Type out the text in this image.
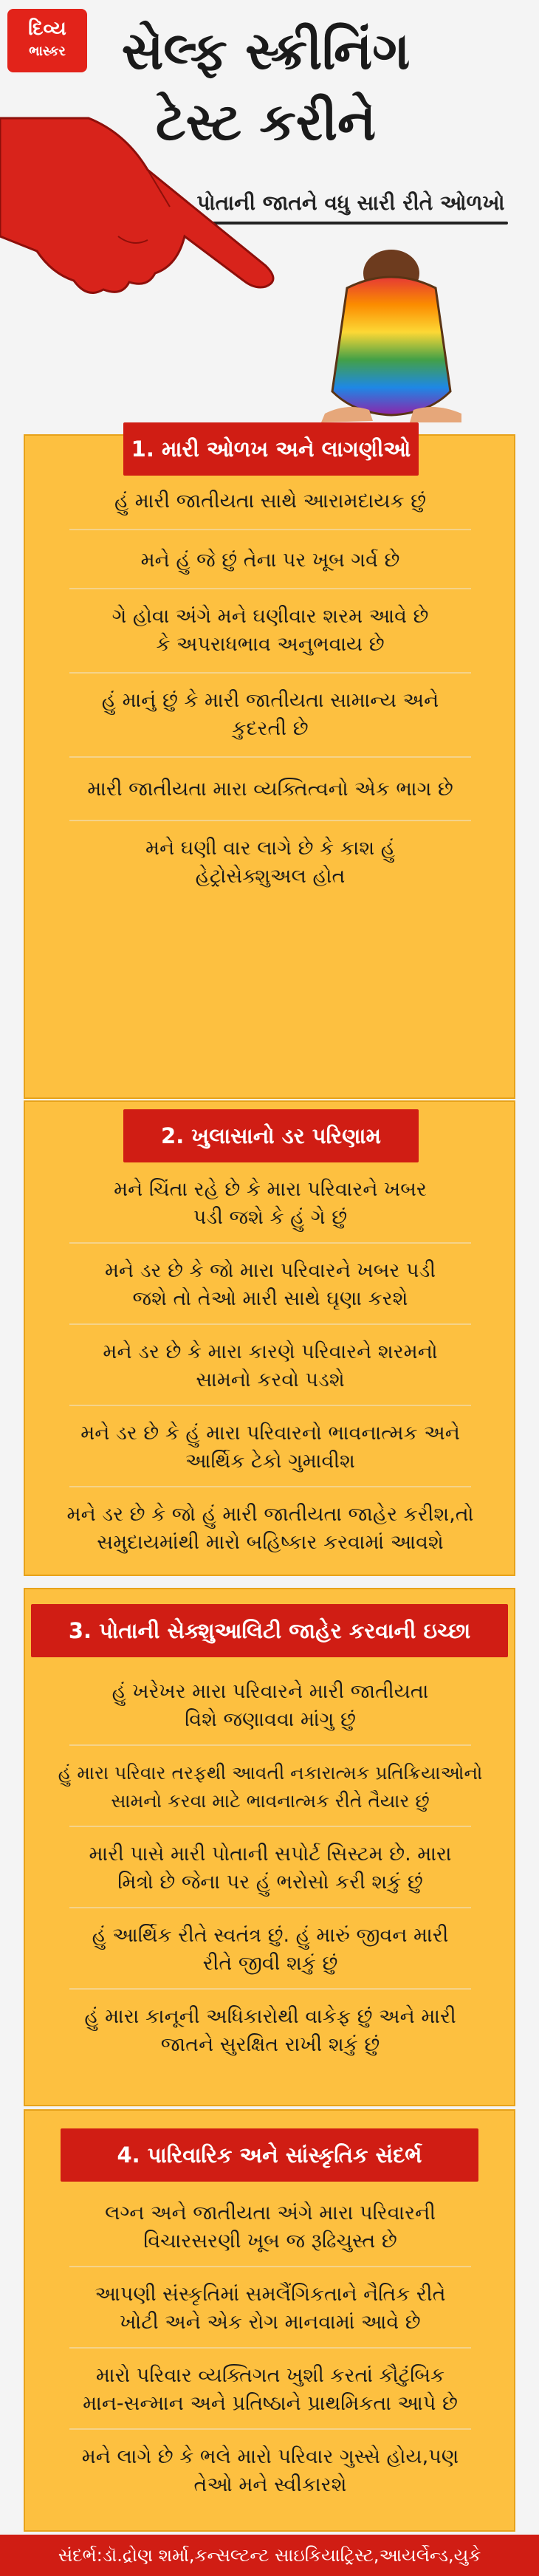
દિવ્ય
ભાસ્કર	સેલ્ફ સ્ક્રીનિંગ
ટેસ્ટ કરીને
પોતાની જાતને વધુ સારી રીતે ઓળખો
1. મારી ઓળખ અને લાગણીઓ
હું મારી જાતીયતા સાથે આરામદાયક છું
મને હું જે છું તેના પર ખૂબ ગર્વ છે
ગે હોવા અંગે મને ઘણીવાર શરમ આવે છે
કે અપરાધભાવ અનુભવાય છે
હું માનું છું કે મારી જાતીયતા સામાન્ય અને
કુદરતી છે
મારી જાતીયતા મારા વ્યક્તિત્વનો એક ભાગ છે
મને ઘણી વાર લાગે છે કે કાશ હું
હેટ્રોસેક્શુઅલ હોત
2. ખુલાસાનો ડર પરિણામ
મને ચિંતા રહે છે કે મારા પરિવારને ખબર
પડી જશે કે હું ગે છું
મને ડર છે કે જો મારા પરિવારને ખબર પડી
જશે તો તેઓ મારી સાથે ઘૃણા કરશે
મને ડર છે કે મારા કારણે પરિવારને શરમનો
સામનો કરવો પડશે
મને ડર છે કે હું મારા પરિવારનો ભાવનાત્મક અને
આર્થિક ટેકો ગુમાવીશ
મને ડર છે કે જો હું મારી જાતીયતા જાહેર કરીશ,તો
સમુદાયમાંથી મારો બહિષ્કાર કરવામાં આવશે
3. પોતાની સેક્શુઆલિટી જાહેર કરવાની ઇચ્છા
હું ખરેખર મારા પરિવારને મારી જાતીયતા
વિશે જણાવવા માંગુ છું
હું મારા પરિવાર તરફથી આવતી નકારાત્મક પ્રતિક્રિયાઓનો
સામનો કરવા માટે ભાવનાત્મક રીતે તૈયાર છું
મારી પાસે મારી પોતાની સપોર્ટ સિસ્ટમ છે. મારા
મિત્રો છે જેના પર હું ભરોસો કરી શકું છું
હું આર્થિક રીતે સ્વતંત્ર છું. હું મારું જીવન મારી
રીતે જીવી શકું છું
હું મારા કાનૂની અધિકારોથી વાકેફ છું અને મારી
જાતને સુરક્ષિત રાખી શકું છું
4. પારિવારિક અને સાંસ્કૃતિક સંદર્ભ
લગ્ન અને જાતીયતા અંગે મારા પરિવારની
વિચારસરણી ખૂબ જ રૂઢિચુસ્ત છે
આપણી સંસ્કૃતિમાં સમલૈંગિકતાને નૈતિક રીતે
ખોટી અને એક રોગ માનવામાં આવે છે
મારો પરિવાર વ્યક્તિગત ખુશી કરતાં કૌટુંબિક
માન-સન્માન અને પ્રતિષ્ઠાને પ્રાથમિકતા આપે છે
મને લાગે છે કે ભલે મારો પરિવાર ગુસ્સે હોય,પણ
તેઓ મને સ્વીકારશે
સંદર્ભ:ડૉ.દ્રોણ શર્મા,કન્સલ્ટન્ટ સાઇકિયાટ્રિસ્ટ,આયર્લેન્ડ,યુકે
